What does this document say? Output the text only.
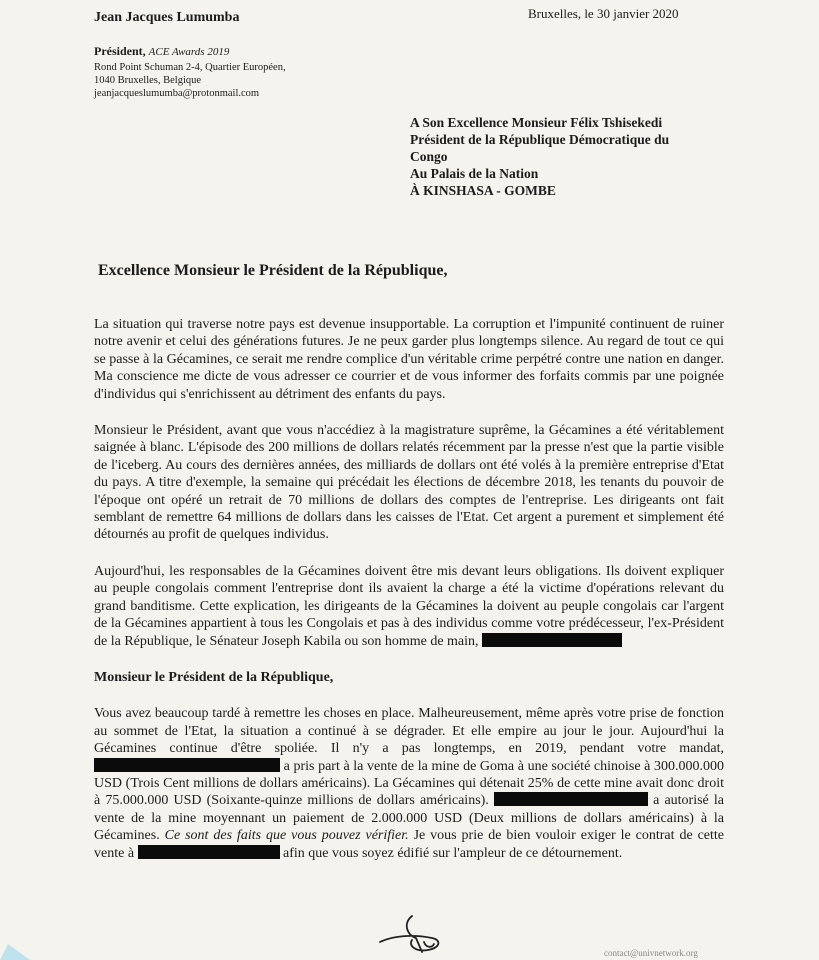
Jean Jacques Lumumba
Président, ACE Awards 2019
Rond Point Schuman 2-4, Quartier Européen,
1040 Bruxelles, Belgique
jeanjacqueslumumba@protonmail.com
Bruxelles, le 30 janvier 2020
A Son Excellence Monsieur Félix Tshisekedi
Président de la République Démocratique du
Congo
Au Palais de la Nation
À KINSHASA - GOMBE
Excellence Monsieur le Président de la République,

La situation qui traverse notre pays est devenue insupportable. La corruption et l'impunité continuent de ruiner notre avenir et celui des générations futures. Je ne peux garder plus longtemps silence. Au regard de tout ce qui se passe à la Gécamines, ce serait me rendre complice d'un véritable crime perpétré contre une nation en danger. Ma conscience me dicte de vous adresser ce courrier et de vous informer des forfaits commis par une poignée d'individus qui s'enrichissent au détriment des enfants du pays.

Monsieur le Président, avant que vous n'accédiez à la magistrature suprême, la Gécamines a été véritablement saignée à blanc. L'épisode des 200 millions de dollars relatés récemment par la presse n'est que la partie visible de l'iceberg. Au cours des dernières années, des milliards de dollars ont été volés à la première entreprise d'Etat du pays. A titre d'exemple, la semaine qui précédait les élections de décembre 2018, les tenants du pouvoir de l'époque ont opéré un retrait de 70 millions de dollars des comptes de l'entreprise. Les dirigeants ont fait semblant de remettre 64 millions de dollars dans les caisses de l'Etat. Cet argent a purement et simplement été détournés au profit de quelques individus.

Aujourd'hui, les responsables de la Gécamines doivent être mis devant leurs obligations. Ils doivent expliquer au peuple congolais comment l'entreprise dont ils avaient la charge a été la victime d'opérations relevant du grand banditisme. Cette explication, les dirigeants de la Gécamines la doivent au peuple congolais car l'argent de la Gécamines appartient à tous les Congolais et pas à des individus comme votre prédécesseur, l'ex-Président de la République, le Sénateur Joseph Kabila ou son homme de main,

Monsieur le Président de la République,

Vous avez beaucoup tardé à remettre les choses en place. Malheureusement, même après votre prise de fonction au sommet de l'Etat, la situation a continué à se dégrader. Et elle empire au jour le jour. Aujourd'hui la Gécamines continue d'être spoliée. Il n'y a pas longtemps, en 2019, pendant votre mandat,  a pris part à la vente de la mine de Goma à une société chinoise à 300.000.000 USD (Trois Cent millions de dollars américains). La Gécamines qui détenait 25% de cette mine avait donc droit à 75.000.000 USD (Soixante-quinze millions de dollars américains).	a autorisé la vente de la mine moyennant un paiement de 2.000.000 USD (Deux millions de dollars américains) à la Gécamines. Ce sont des faits que vous pouvez vérifier. Je vous prie de bien vouloir exiger le contrat de cette vente à	afin que vous soyez édifié sur l'ampleur de ce détournement.

contact@univnetwork.org
